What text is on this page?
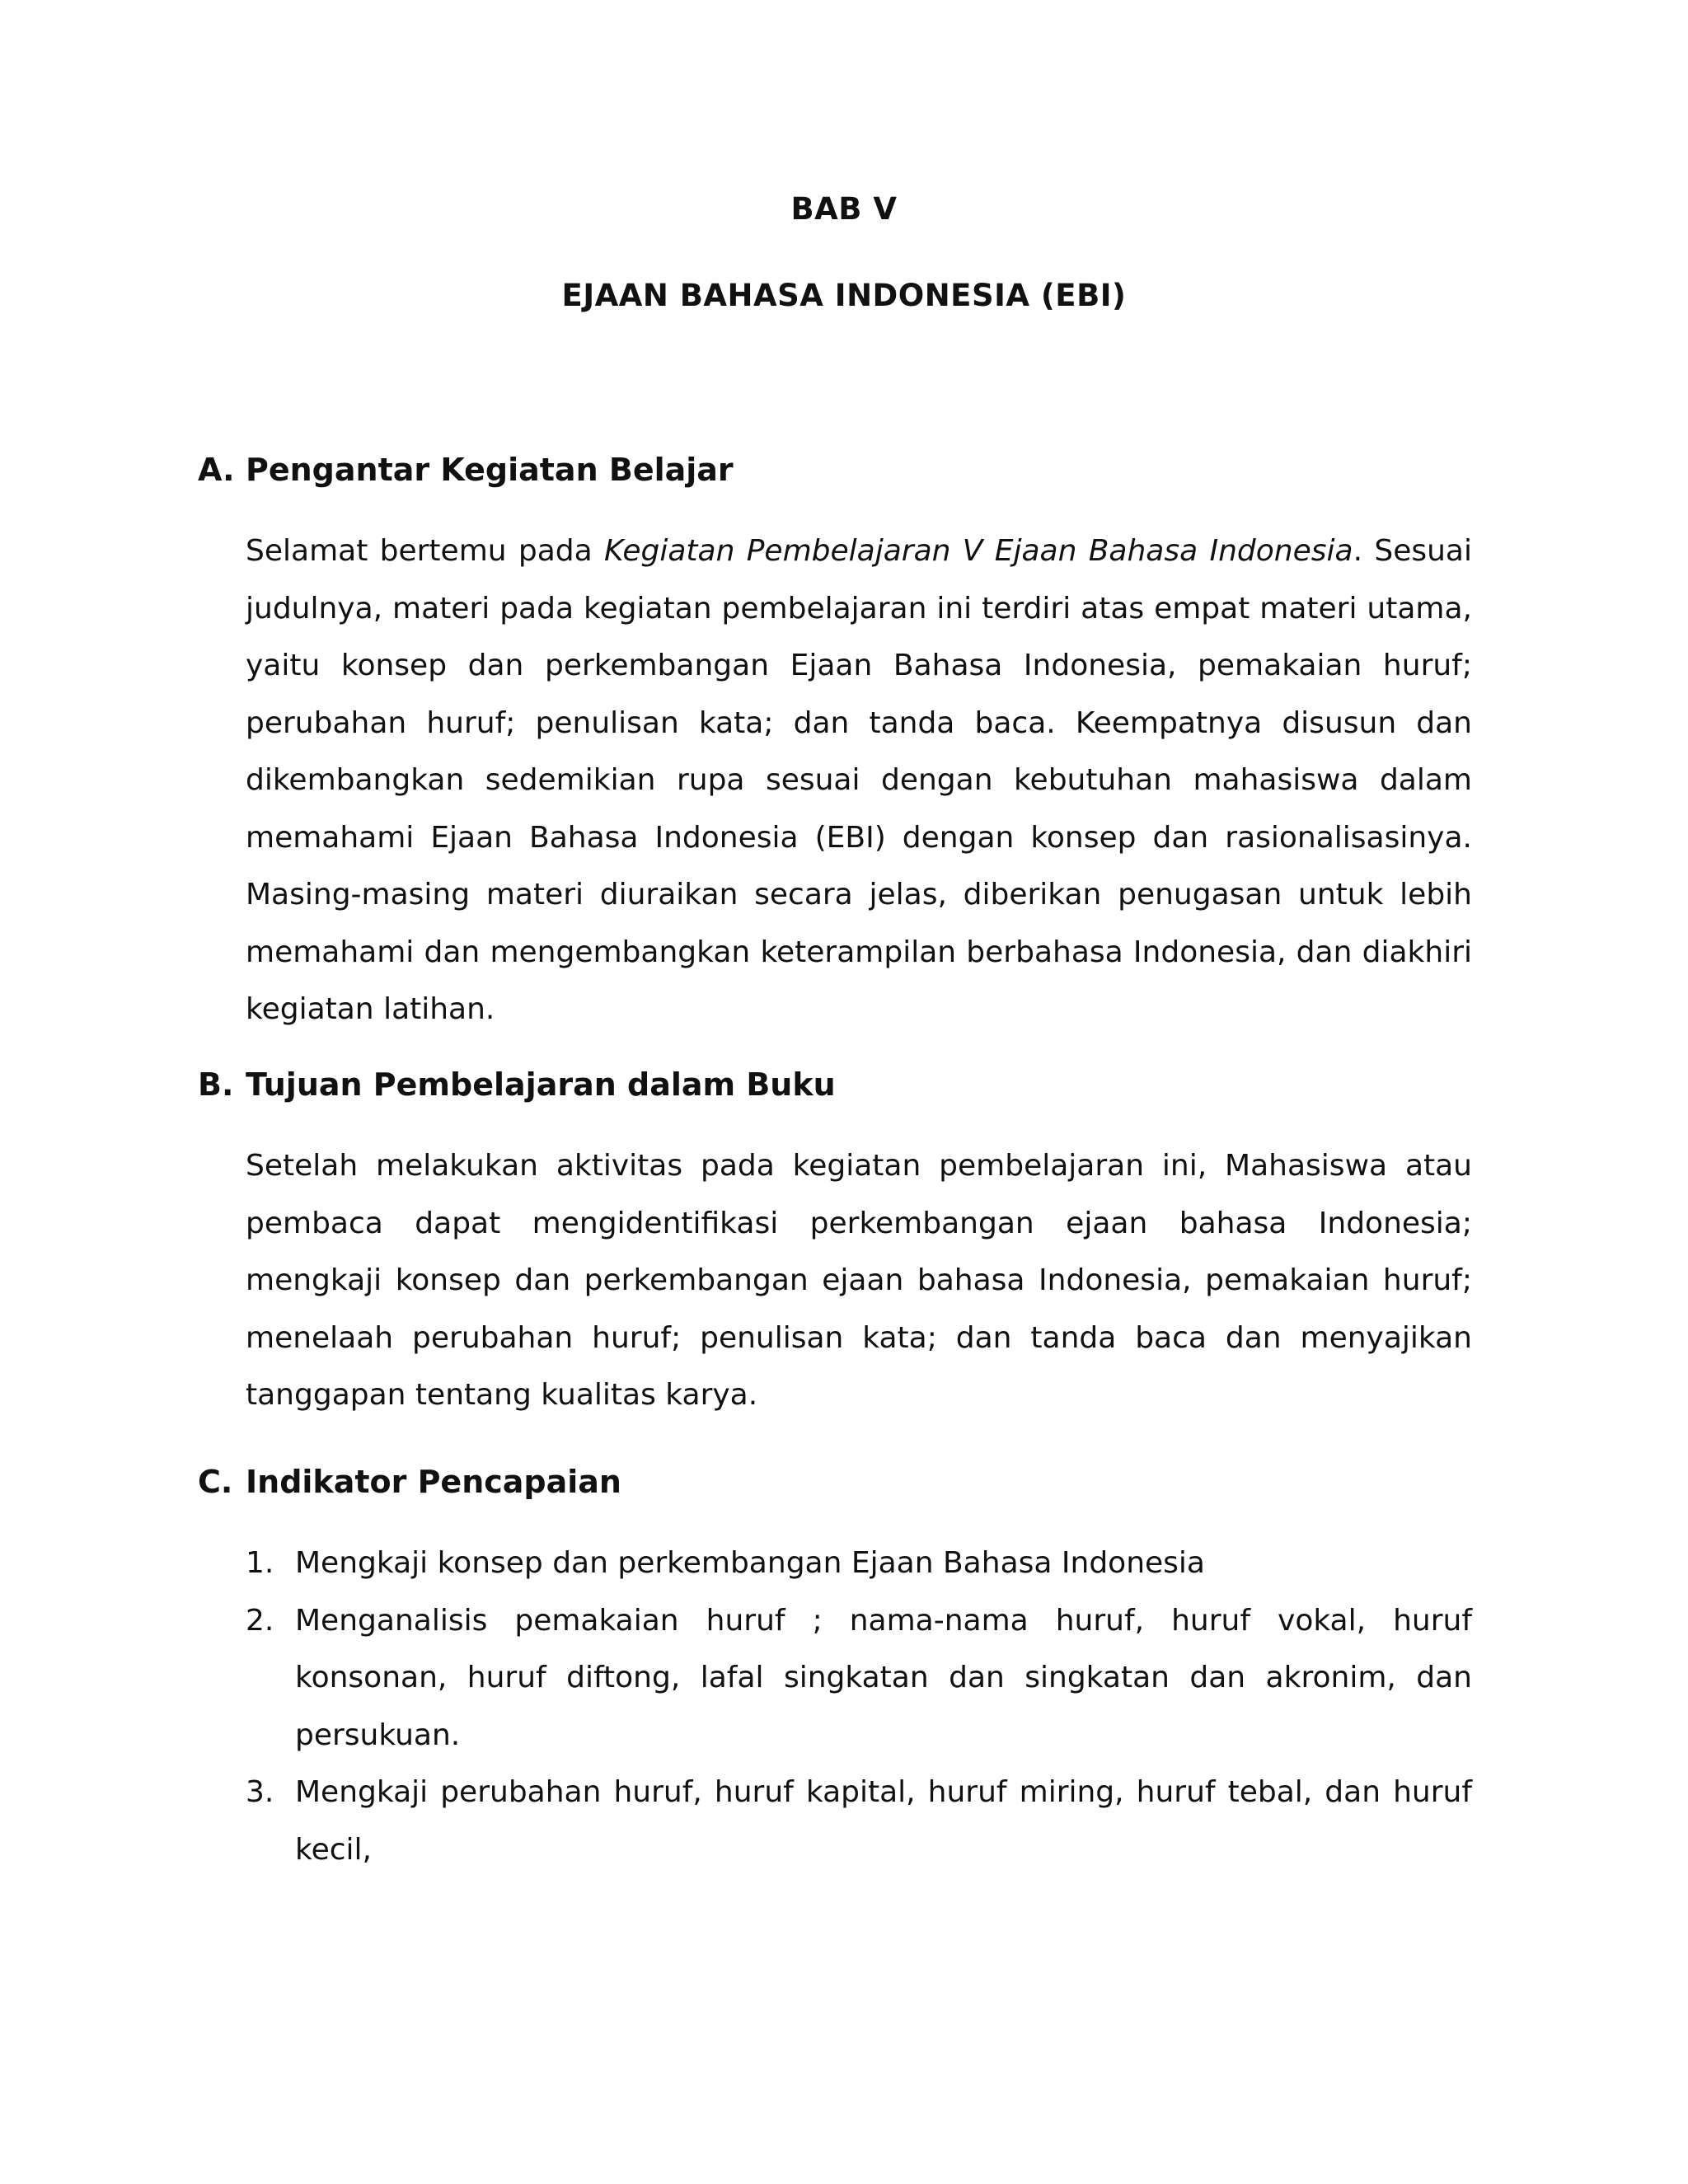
BAB V
EJAAN BAHASA INDONESIA (EBI)
A. Pengantar Kegiatan Belajar

Selamat bertemu pada Kegiatan Pembelajaran V Ejaan Bahasa Indonesia. Sesuai judulnya, materi pada kegiatan pembelajaran ini terdiri atas empat materi utama, yaitu konsep dan perkembangan Ejaan Bahasa Indonesia, pemakaian huruf; perubahan huruf; penulisan kata; dan tanda baca. Keempatnya disusun dan dikembangkan sedemikian rupa sesuai dengan kebutuhan mahasiswa dalam memahami Ejaan Bahasa Indonesia (EBI) dengan konsep dan rasionalisasinya. Masing-masing materi diuraikan secara jelas, diberikan penugasan untuk lebih memahami dan mengembangkan keterampilan berbahasa Indonesia, dan diakhiri kegiatan latihan.

B. Tujuan Pembelajaran dalam Buku

Setelah melakukan aktivitas pada kegiatan pembelajaran ini, Mahasiswa atau pembaca dapat mengidentifikasi perkembangan ejaan bahasa Indonesia; mengkaji konsep dan perkembangan ejaan bahasa Indonesia, pemakaian huruf; menelaah perubahan huruf; penulisan kata; dan tanda baca dan menyajikan tanggapan tentang kualitas karya.

C. Indikator Pencapaian
1. Mengkaji konsep dan perkembangan Ejaan Bahasa Indonesia
2. Menganalisis pemakaian huruf ; nama-nama huruf, huruf vokal, huruf konsonan, huruf diftong, lafal singkatan dan singkatan dan akronim, dan persukuan.
3. Mengkaji perubahan huruf, huruf kapital, huruf miring, huruf tebal, dan huruf kecil,
